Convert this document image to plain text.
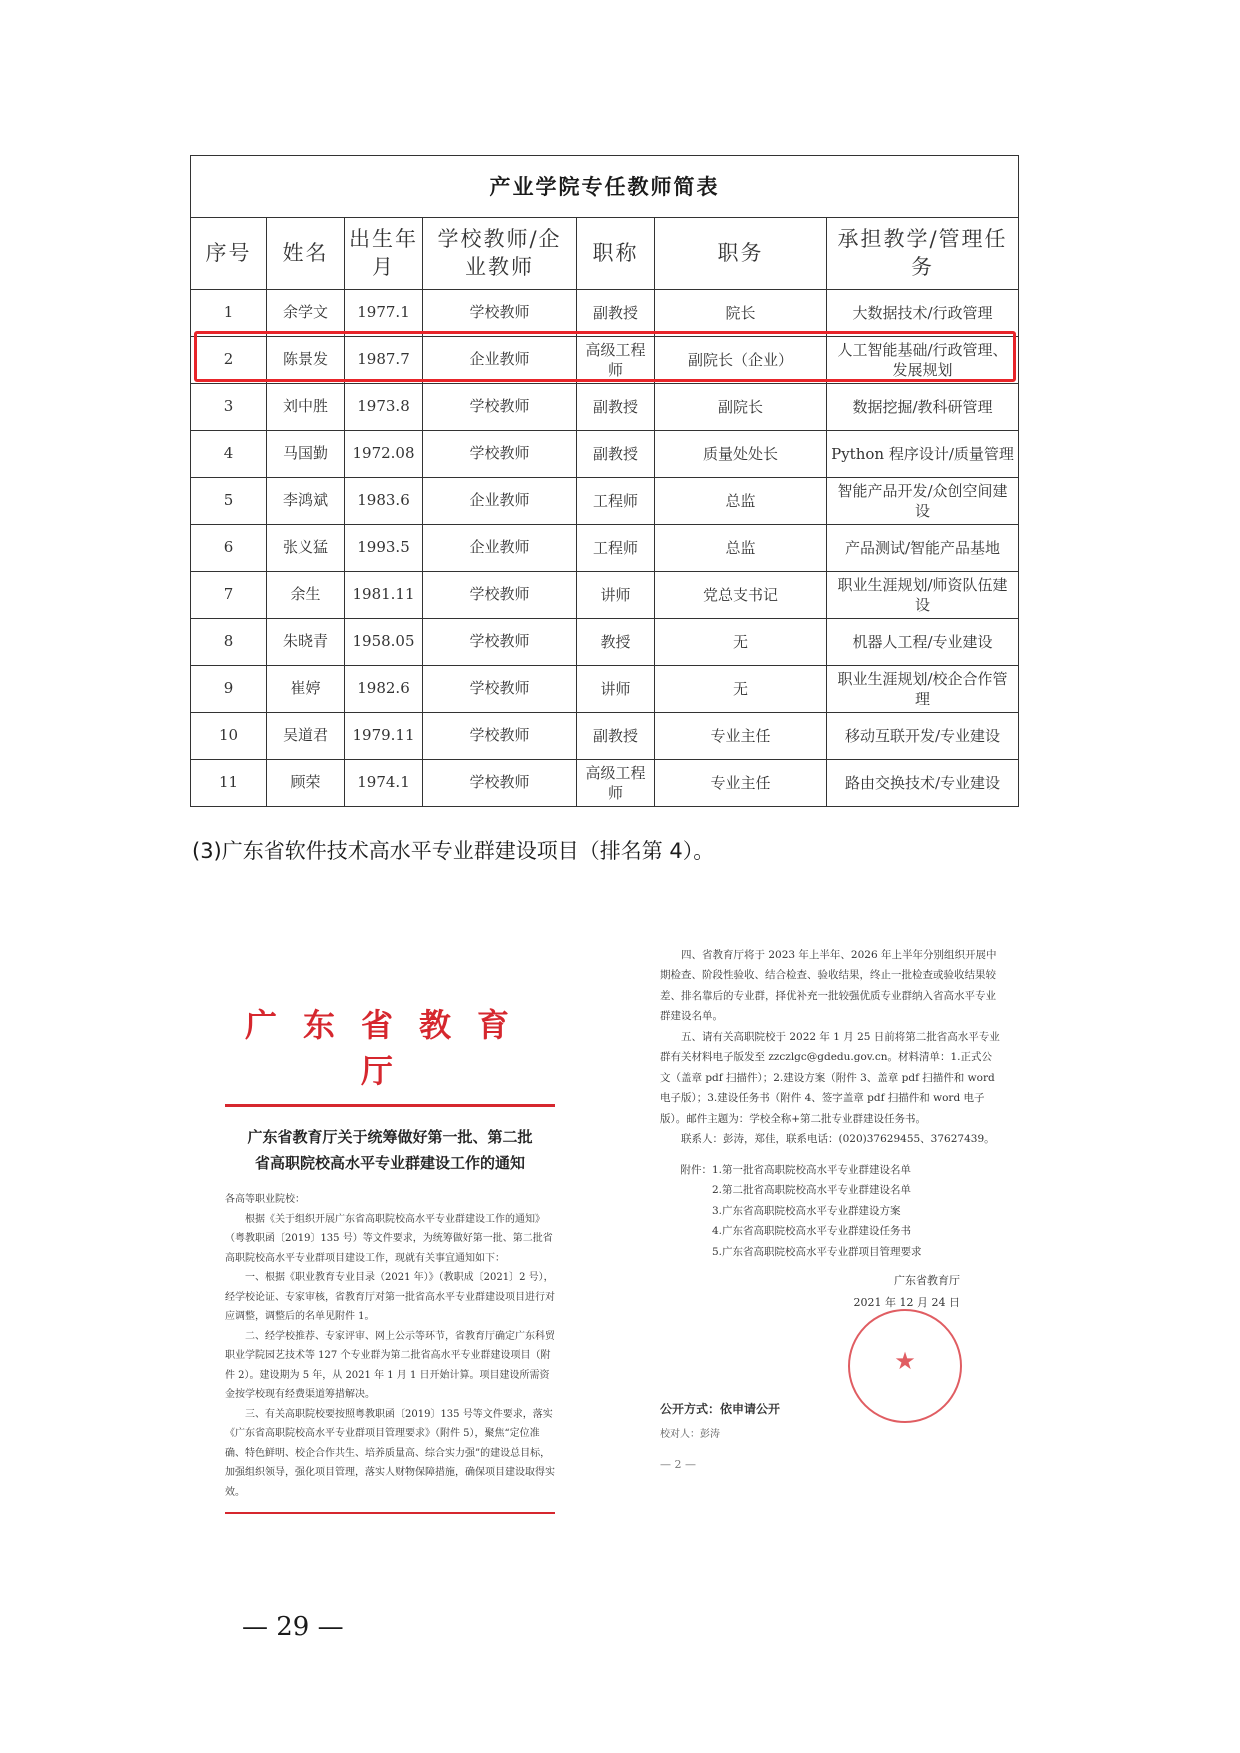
产业学院专任教师简表						
序号	姓名	出生年月	学校教师/企业教师	职称	职务	承担教学/管理任务
1	余学文	1977.1	学校教师	副教授	院长	大数据技术/行政管理
2	陈景发	1987.7	企业教师	高级工程师	副院长（企业）	人工智能基础/行政管理、发展规划
3	刘中胜	1973.8	学校教师	副教授	副院长	数据挖掘/教科研管理
4	马国勤	1972.08	学校教师	副教授	质量处处长	Python 程序设计/质量管理
5	李鸿斌	1983.6	企业教师	工程师	总监	智能产品开发/众创空间建设
6	张义猛	1993.5	企业教师	工程师	总监	产品测试/智能产品基地
7	余生	1981.11	学校教师	讲师	党总支书记	职业生涯规划/师资队伍建设
8	朱晓青	1958.05	学校教师	教授	无	机器人工程/专业建设
9	崔婷	1982.6	学校教师	讲师	无	职业生涯规划/校企合作管理
10	吴道君	1979.11	学校教师	副教授	专业主任	移动互联开发/专业建设
11	顾荣	1974.1	学校教师	高级工程师	专业主任	路由交换技术/专业建设
(3)广东省软件技术高水平专业群建设项目（排名第 4）。
广东省教育厅
广东省教育厅关于统筹做好第一批、第二批
省高职院校高水平专业群建设工作的通知

各高等职业院校：

根据《关于组织开展广东省高职院校高水平专业群建设工作的通知》（粤教职函〔2019〕135 号）等文件要求，为统筹做好第一批、第二批省高职院校高水平专业群项目建设工作，现就有关事宜通知如下：

一、根据《职业教育专业目录（2021 年）》（教职成〔2021〕2 号），经学校论证、专家审核，省教育厅对第一批省高水平专业群建设项目进行对应调整，调整后的名单见附件 1。

二、经学校推荐、专家评审、网上公示等环节，省教育厅确定广东科贸职业学院园艺技术等 127 个专业群为第二批省高水平专业群建设项目（附件 2）。建设期为 5 年，从 2021 年 1 月 1 日开始计算。项目建设所需资金按学校现有经费渠道筹措解决。

三、有关高职院校要按照粤教职函〔2019〕135 号等文件要求，落实《广东省高职院校高水平专业群项目管理要求》（附件 5），聚焦“定位准确、特色鲜明、校企合作共生、培养质量高、综合实力强”的建设总目标，加强组织领导，强化项目管理，落实人财物保障措施，确保项目建设取得实效。

四、省教育厅将于 2023 年上半年、2026 年上半年分别组织开展中期检查、阶段性验收、结合检查、验收结果，终止一批检查或验收结果较差、排名靠后的专业群，择优补充一批较强优质专业群纳入省高水平专业群建设名单。

五、请有关高职院校于 2022 年 1 月 25 日前将第二批省高水平专业群有关材料电子版发至 zzczlgc@gdedu.gov.cn。材料清单：1.正式公文（盖章 pdf 扫描件）；2.建设方案（附件 3、盖章 pdf 扫描件和 word 电子版）；3.建设任务书（附件 4、签字盖章 pdf 扫描件和 word 电子版）。邮件主题为：学校全称+第二批专业群建设任务书。

联系人：彭涛，郑佳，联系电话：(020)37629455、37627439。

附件：1.第一批省高职院校高水平专业群建设名单
2.第二批省高职院校高水平专业群建设名单
3.广东省高职院校高水平专业群建设方案
4.广东省高职院校高水平专业群建设任务书
5.广东省高职院校高水平专业群项目管理要求
广东省教育厅
2021 年 12 月 24 日
★
公开方式：依申请公开
校对人：彭涛
— 2 —
— 29 —
